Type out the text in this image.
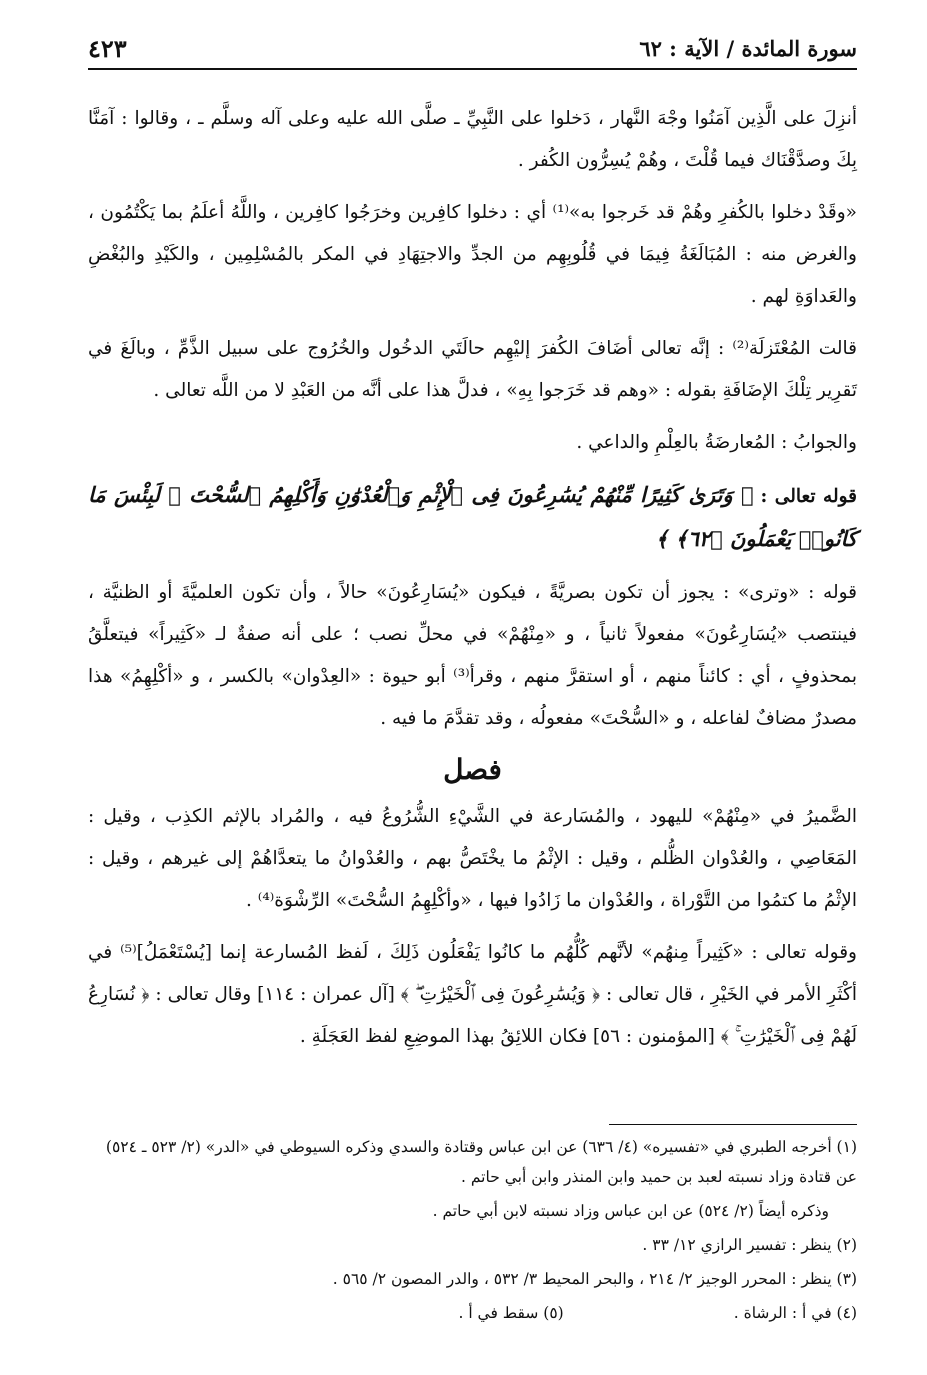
سورة المائدة / الآية : ٦٢
٤٢٣

أنزِلَ على الَّذِين آمَنُوا وجْهَ النَّهار ، دَخلوا على النَّبِيِّ ـ صلَّى الله عليه وعلى آله وسلَّم ـ ، وقالوا : آمَنَّا بِكَ وصدَّقْنَاك فيما قُلْتَ ، وهُمْ يُسِرُّون الكُفر .

«وقَدْ دخلوا بالكُفرِ وهُمْ قد خَرجوا به»⁽¹⁾ أي : دخلوا كافِرين وخرَجُوا كافِرين ، واللَّهُ أعلَمُ بما يَكْتُمُون ، والغرض منه : المُبَالَغَةُ فِيمَا في قُلُوبِهِم من الجدِّ والاجتِهَادِ في المكر بالمُسْلِمِين ، والكَيْدِ والبُغْضِ والعَداوَةِ لهم .

قالت المُعْتَزلَة⁽²⁾ : إنَّه تعالى أضَافَ الكُفرَ إليْهِم حالَتَي الدخُول والخُرُوج على سبيل الذَّمِّ ، وبالَغَ في تَقرِير تِلْكَ الإضَافَةِ بقوله : «وهم قد خَرَجوا بِهِ» ، فدلَّ هذا على أنَّه من العَبْدِ لا من اللَّه تعالى .

والجوابُ : المُعارضَةُ بالعِلْمِ والداعي .

قوله تعالى : ﴿ وَتَرَىٰ كَثِيرًا مِّنْهُمْ يُسَٰرِعُونَ فِى ٱلْإِثْمِ وَٱلْعُدْوَٰنِ وَأَكْلِهِمُ ٱلسُّحْتَ ۚ لَبِئْسَ مَا كَانُوا۟ يَعْمَلُونَ ﴿٦٢﴾ ﴾

قوله : «وترى» : يجوز أن تكون بصريَّةً ، فيكون «يُسَارِعُونَ» حالاً ، وأن تكون العلميَّةَ أو الظنيَّة ، فينتصب «يُسَارِعُونَ» مفعولاً ثانياً ، و «مِنْهُمْ» في محلِّ نصب ؛ على أنه صفةٌ لـ «كَثِيراً» فيتعلَّقُ بمحذوفٍ ، أي : كائناً منهم ، أو استقرَّ منهم ، وقرأ⁽³⁾ أبو حيوة : «العِدْوان» بالكسر ، و «أكْلِهِمُ» هذا مصدرٌ مضافٌ لفاعله ، و «السُّحْتَ» مفعولُه ، وقد تقدَّمَ ما فيه .

فصل

الضَّميرُ في «مِنْهُمْ» لليهود ، والمُسَارعة في الشَّيْءِ الشُّرُوعُ فيه ، والمُراد بالإثم الكذِب ، وقيل : المَعَاصِي ، والعُدْوان الظُّلم ، وقيل : الإثْمُ ما يخْتَصُّ بهم ، والعُدْوانُ ما يتعدَّاهُمْ إلى غيرهم ، وقيل : الإثْمُ ما كتمُوا من التَّوْراة ، والعُدْوان ما زَادُوا فيها ، «وأكْلِهِمُ السُّحْتَ» الرِّشْوَة⁽⁴⁾ .

وقوله تعالى : «كَثِيراً مِنهُم» لأنَّهم كُلُّهُم ما كانُوا يَفْعَلُون ذَلِكَ ، لَفظ المُسارعة إنما [يُسْتَعْمَلُ]⁽⁵⁾ في أكْثَرِ الأمر في الخَيْرِ ، قال تعالى : ﴿ وَيُسَٰرِعُونَ فِى ٱلْخَيْرَٰتِ ۖ ﴾ [آل عمران : ١١٤] وقال تعالى : ﴿ نُسَارِعُ لَهُمْ فِى ٱلْخَيْرَٰتِ ۚ ﴾ [المؤمنون : ٥٦] فكان اللائِقُ بهذا الموضِعِ لفظ العَجَلَةِ .

(١) أخرجه الطبري في «تفسيره» (٤/ ٦٣٦) عن ابن عباس وقتادة والسدي وذكره السيوطي في «الدر» (٢/ ٥٢٣ ـ ٥٢٤) عن قتادة وزاد نسبته لعبد بن حميد وابن المنذر وابن أبي حاتم .

وذكره أيضاً (٢/ ٥٢٤) عن ابن عباس وزاد نسبته لابن أبي حاتم .

(٢) ينظر : تفسير الرازي ١٢/ ٣٣ .

(٣) ينظر : المحرر الوجيز ٢/ ٢١٤ ، والبحر المحيط ٣/ ٥٣٢ ، والدر المصون ٢/ ٥٦٥ .

(٤) في أ : الرشاة .
(٥) سقط في أ .
